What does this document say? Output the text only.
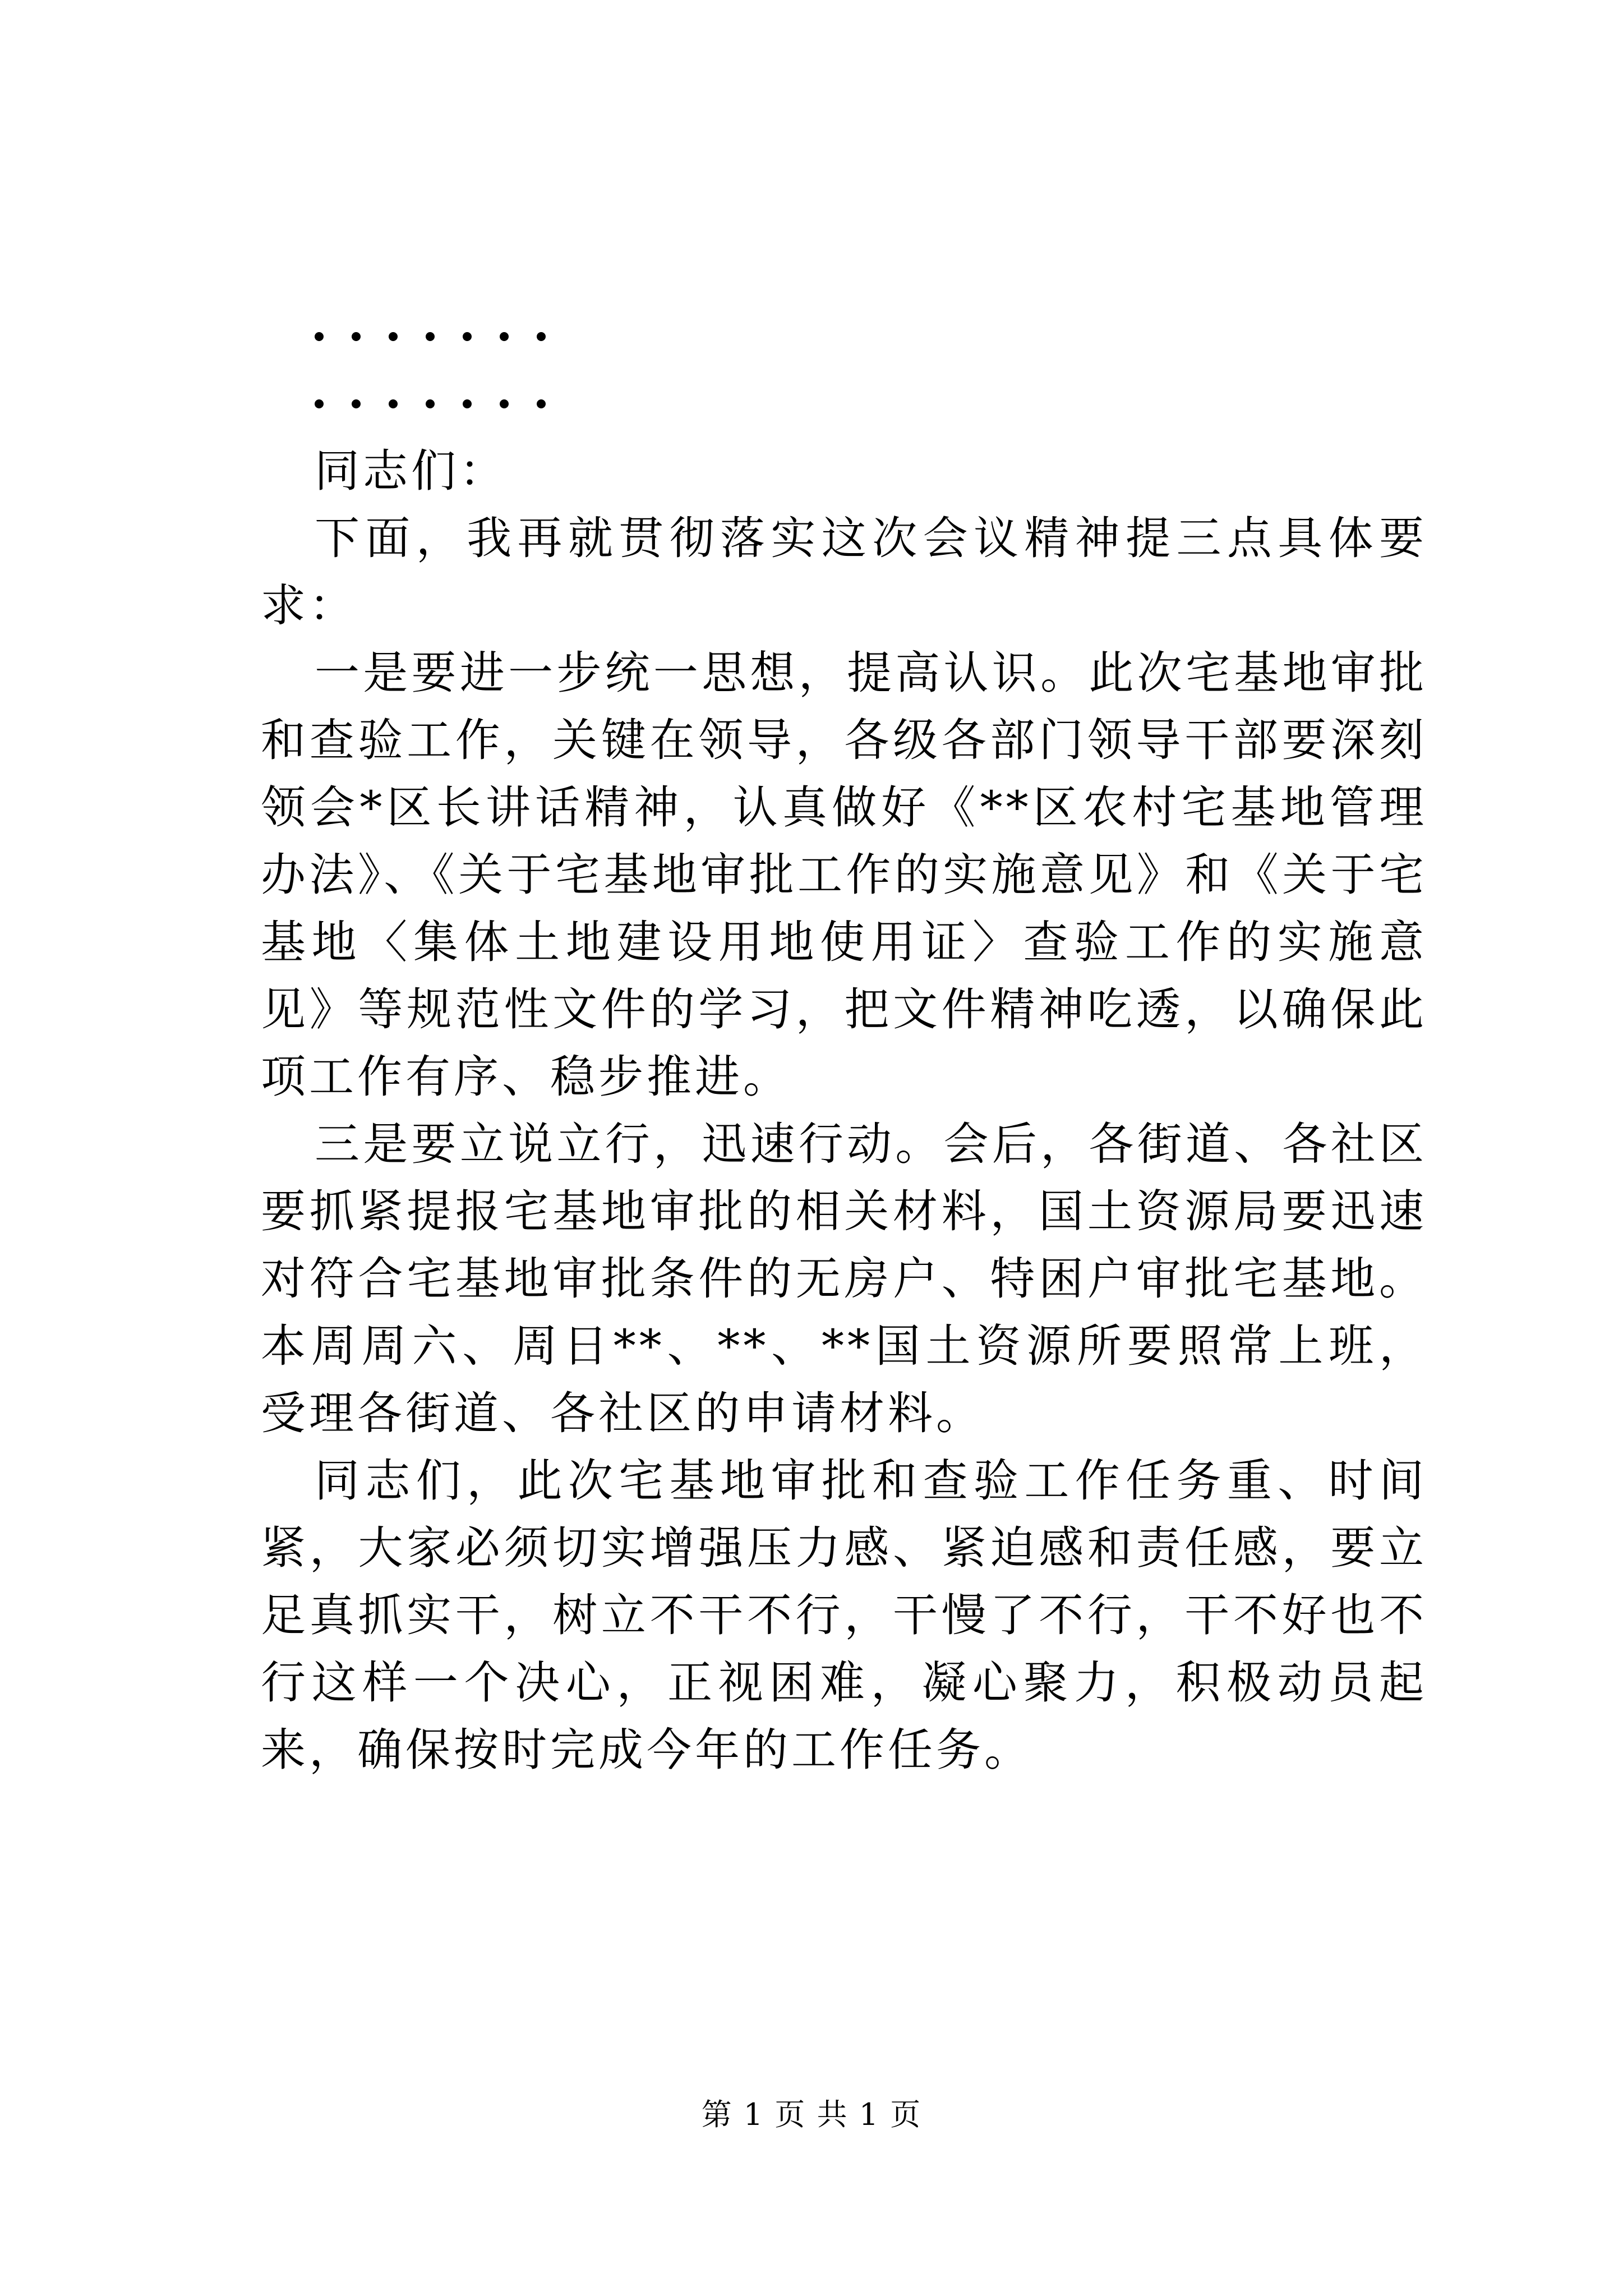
同志们：

下面，我再就贯彻落实这次会议精神提三点具体要求：

一是要进一步统一思想，提高认识。此次宅基地审批和查验工作，关键在领导，各级各部门领导干部要深刻领会*区长讲话精神，认真做好《**区农村宅基地管理办法》、《关于宅基地审批工作的实施意见》和《关于宅基地〈集体土地建设用地使用证〉查验工作的实施意见》等规范性文件的学习，把文件精神吃透，以确保此项工作有序、稳步推进。

三是要立说立行，迅速行动。会后，各街道、各社区要抓紧提报宅基地审批的相关材料，国土资源局要迅速对符合宅基地审批条件的无房户、特困户审批宅基地。本周周六、周日**、**、**国土资源所要照常上班，受理各街道、各社区的申请材料。

同志们，此次宅基地审批和查验工作任务重、时间紧，大家必须切实增强压力感、紧迫感和责任感，要立足真抓实干，树立不干不行，干慢了不行，干不好也不行这样一个决心，正视困难，凝心聚力，积极动员起来，确保按时完成今年的工作任务。

第 1 页 共 1 页
